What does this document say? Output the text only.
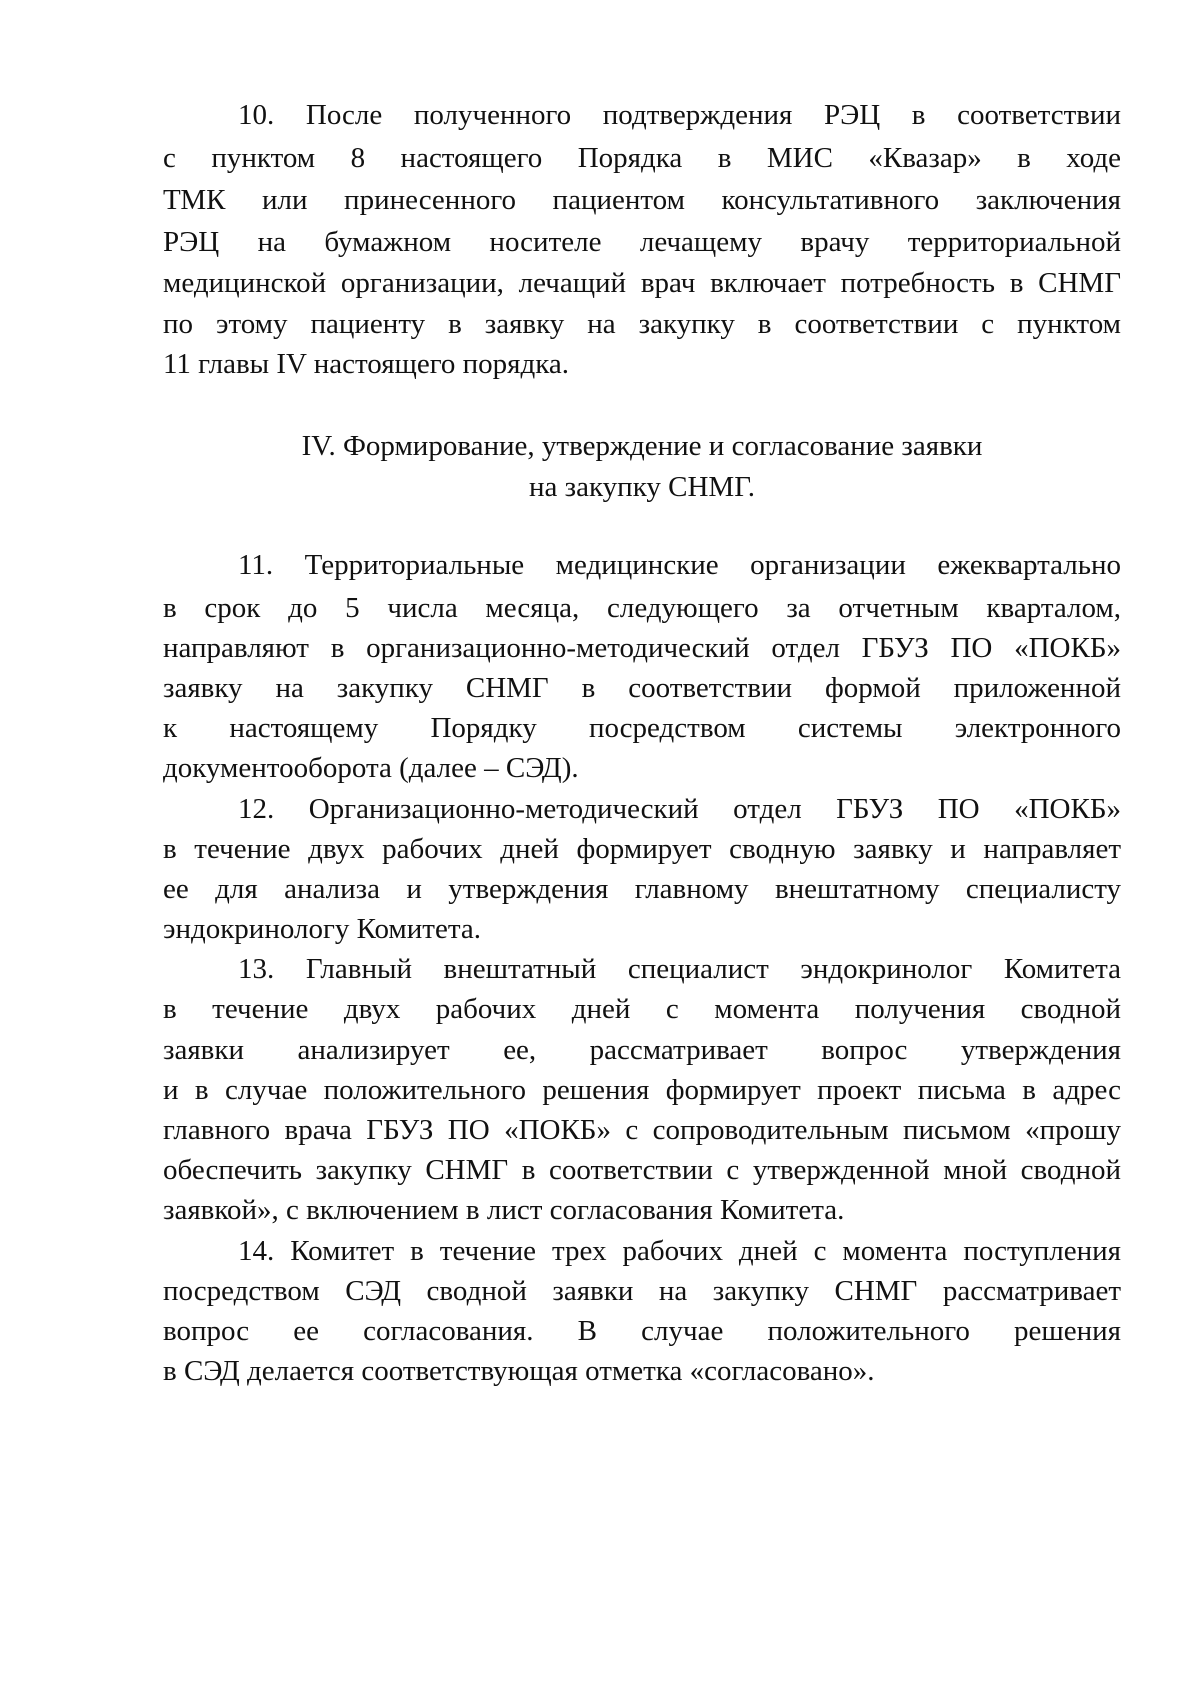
10. После полученного подтверждения РЭЦ в соответствии
с пунктом 8 настоящего Порядка в МИС «Квазар» в ходе
ТМК или принесенного пациентом консультативного заключения
РЭЦ на бумажном носителе лечащему врачу территориальной
медицинской организации, лечащий врач включает потребность в СНМГ
по этому пациенту в заявку на закупку в соответствии с пунктом
11 главы IV настоящего порядка.
IV. Формирование, утверждение и согласование заявки
на закупку СНМГ.
11. Территориальные медицинские организации ежеквартально
в срок до 5 числа месяца, следующего за отчетным кварталом,
направляют в организационно-методический отдел ГБУЗ ПО «ПОКБ»
заявку на закупку СНМГ в соответствии формой приложенной
к настоящему Порядку посредством системы электронного
документооборота (далее – СЭД).
12. Организационно-методический отдел ГБУЗ ПО «ПОКБ»
в течение двух рабочих дней формирует сводную заявку и направляет
ее для анализа и утверждения главному внештатному специалисту
эндокринологу Комитета.
13. Главный внештатный специалист эндокринолог Комитета
в течение двух рабочих дней с момента получения сводной
заявки анализирует ее, рассматривает вопрос утверждения
и в случае положительного решения формирует проект письма в адрес
главного врача ГБУЗ ПО «ПОКБ» с сопроводительным письмом «прошу
обеспечить закупку СНМГ в соответствии с утвержденной мной сводной
заявкой», с включением в лист согласования Комитета.
14. Комитет в течение трех рабочих дней с момента поступления
посредством СЭД сводной заявки на закупку СНМГ рассматривает
вопрос ее согласования. В случае положительного решения
в СЭД делается соответствующая отметка «согласовано».
